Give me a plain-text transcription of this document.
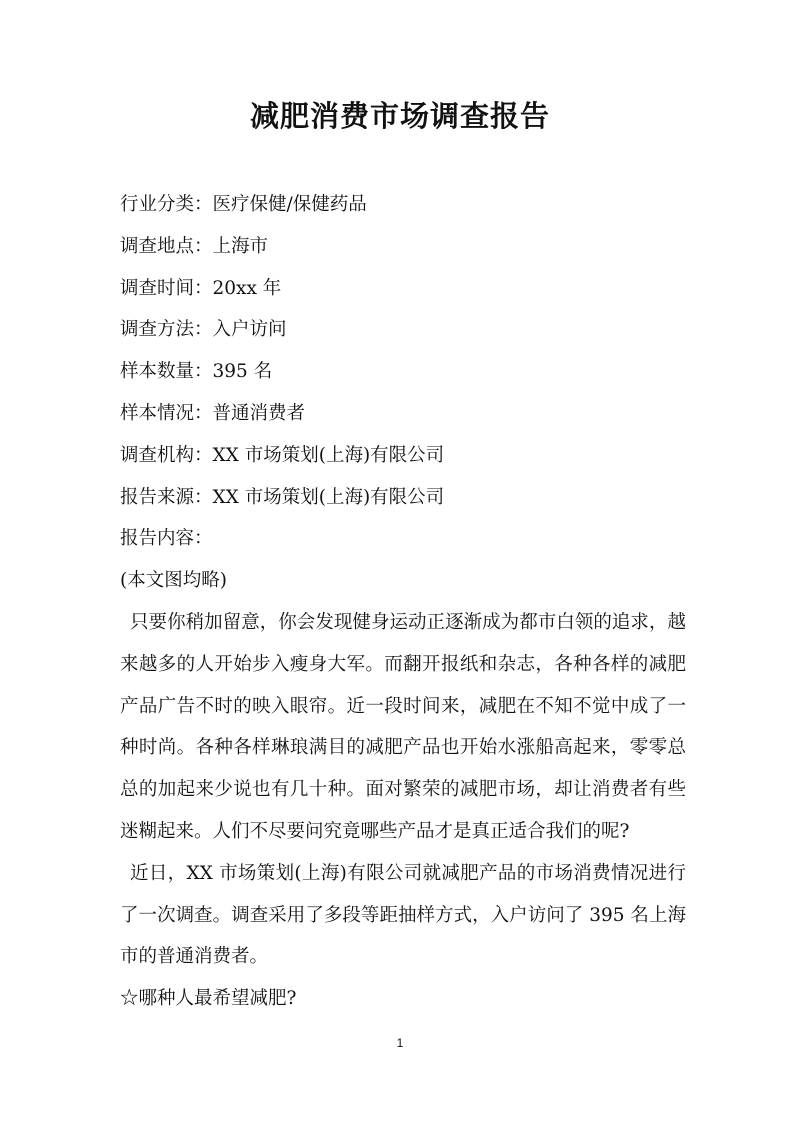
减肥消费市场调查报告
行业分类：医疗保健/保健药品
调查地点：上海市
调查时间：20xx 年
调查方法：入户访问
样本数量：395 名
样本情况：普通消费者
调查机构：XX 市场策划(上海)有限公司
报告来源：XX 市场策划(上海)有限公司
报告内容：
(本文图均略)
只要你稍加留意，你会发现健身运动正逐渐成为都市白领的追求，越来越多的人开始步入瘦身大军。而翻开报纸和杂志，各种各样的减肥产品广告不时的映入眼帘。近一段时间来，减肥在不知不觉中成了一种时尚。各种各样琳琅满目的减肥产品也开始水涨船高起来，零零总总的加起来少说也有几十种。面对繁荣的减肥市场，却让消费者有些迷糊起来。人们不尽要问究竟哪些产品才是真正适合我们的呢?
近日，XX 市场策划(上海)有限公司就减肥产品的市场消费情况进行了一次调查。调查采用了多段等距抽样方式，入户访问了 395 名上海市的普通消费者。
☆哪种人最希望减肥?
1
